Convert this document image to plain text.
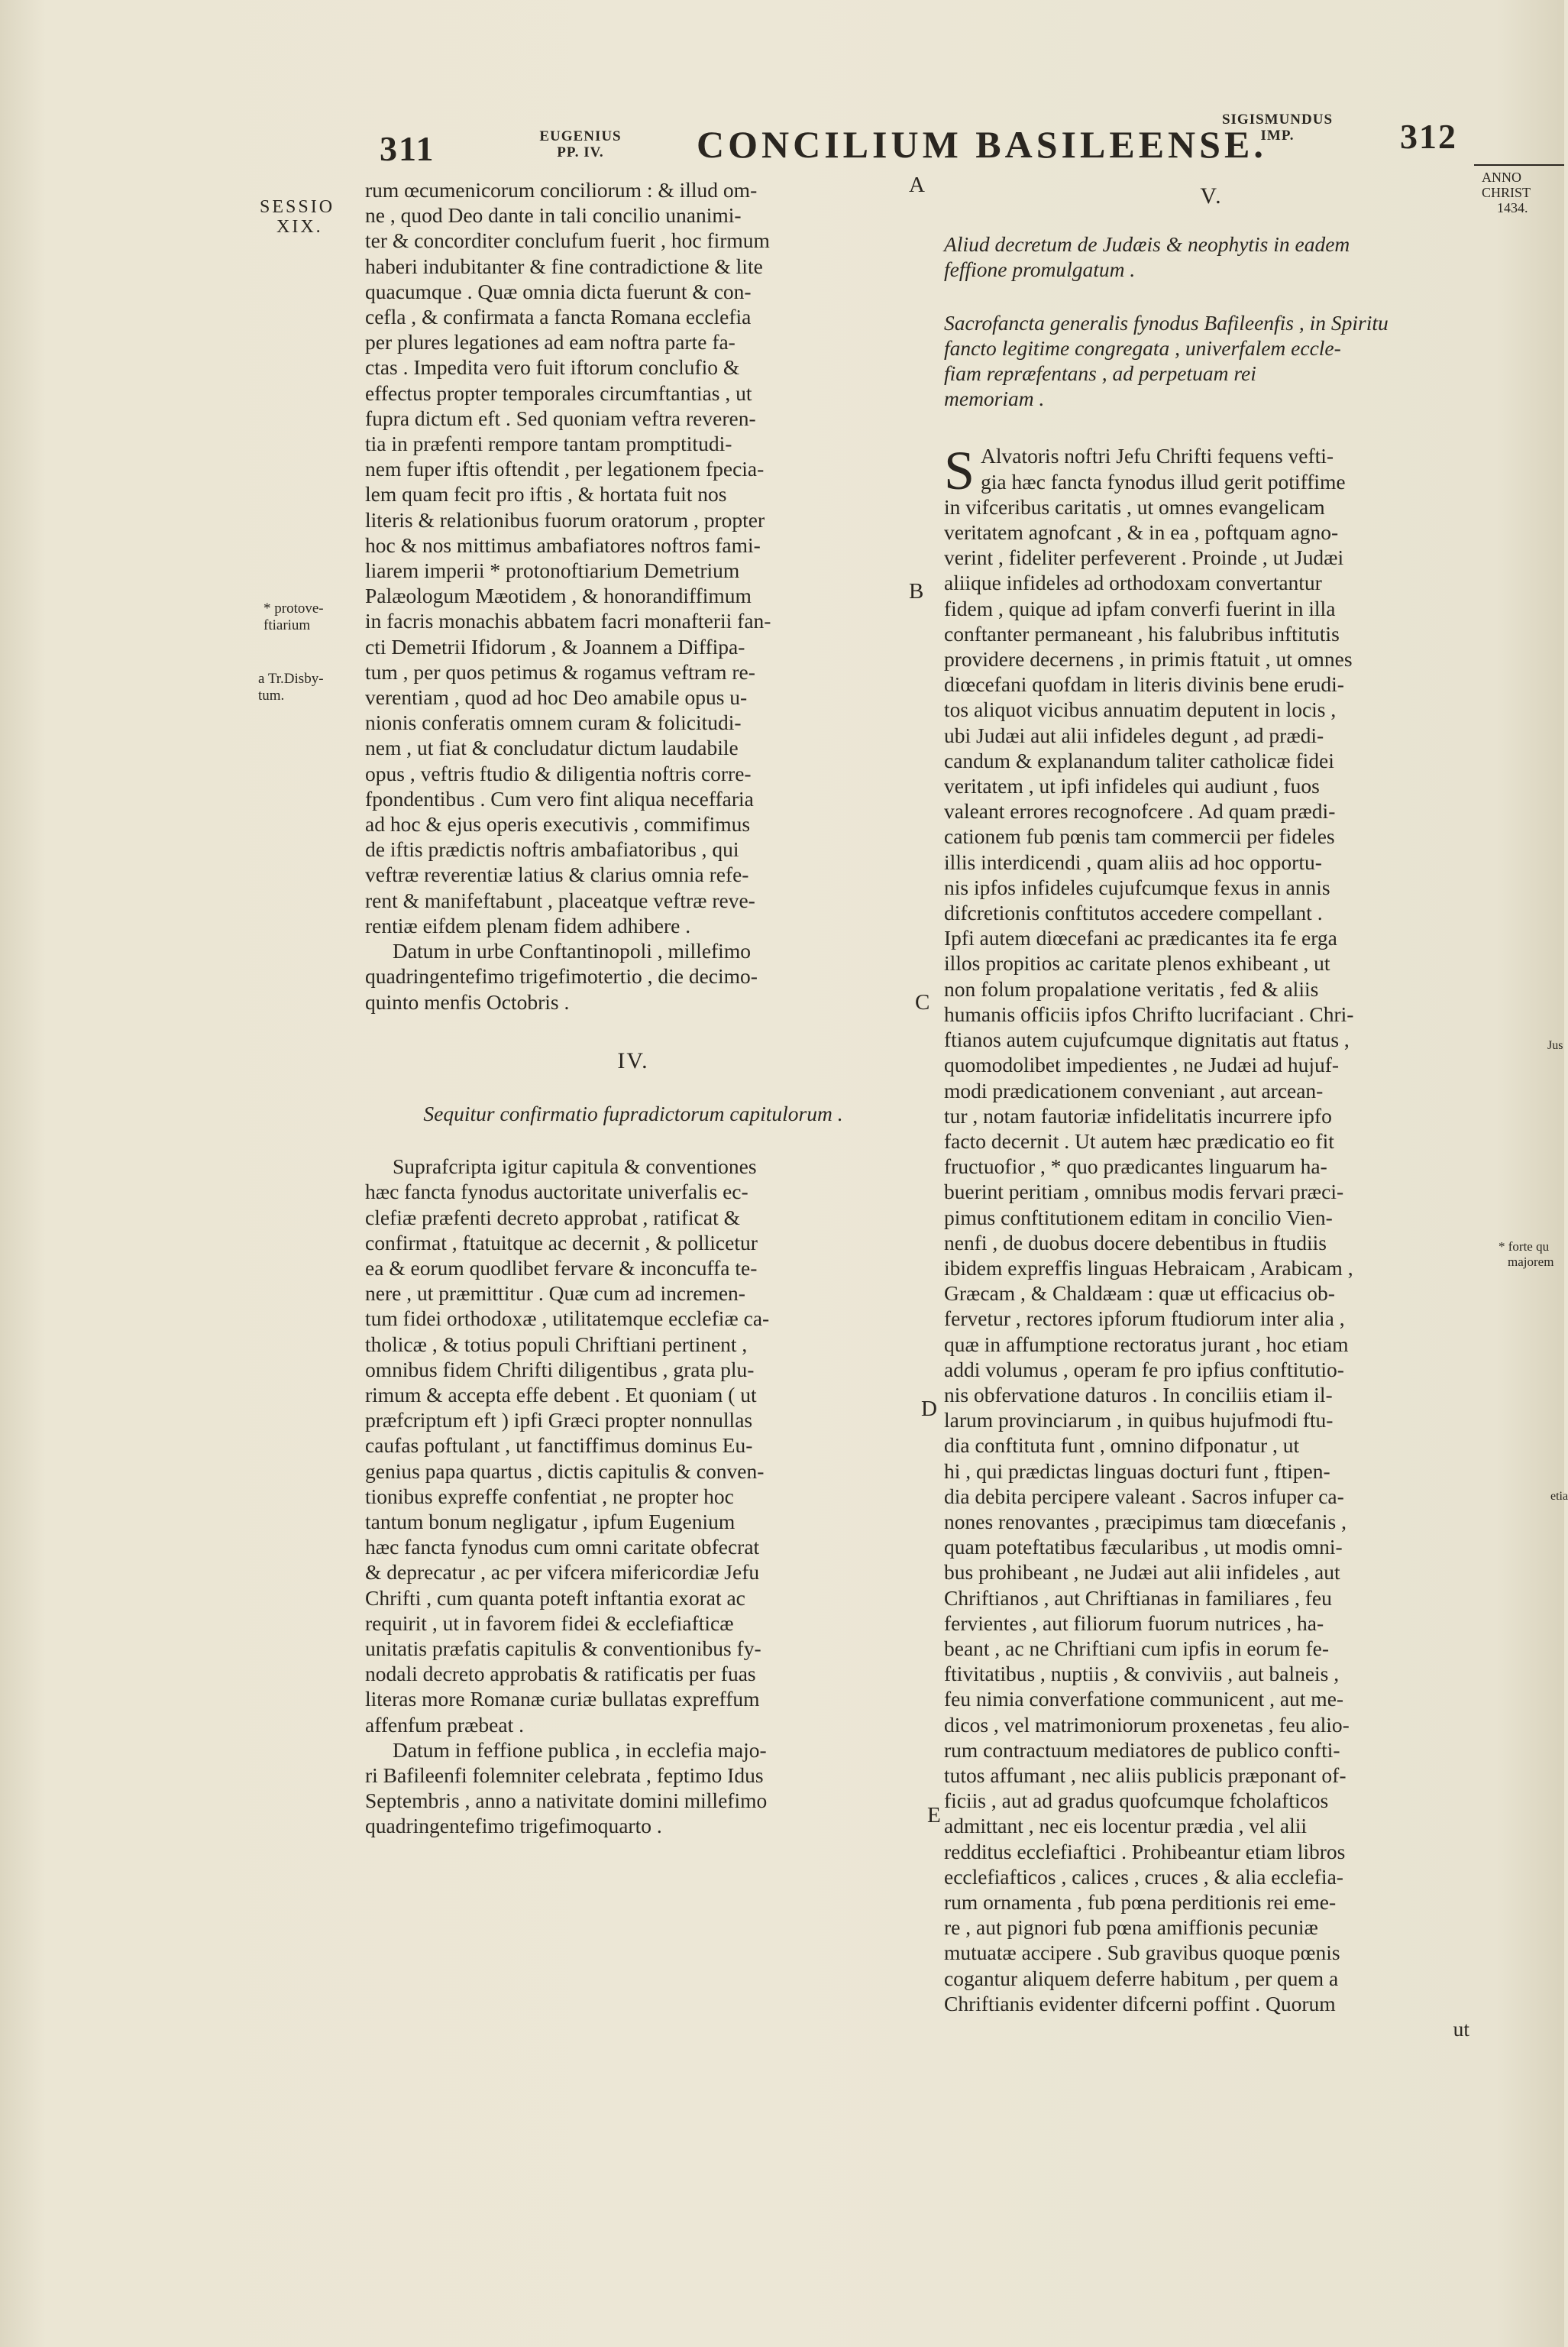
311	EUGENIUS
PP. IV.	CONCILIUM BASILEENSE.
SIGISMUNDUS
IMP.	312
SESSIO
XIX.
* protove-
ftiarium
a Tr.Disby-
tum.
ANNO
CHRIST
1434.
* forte qu
majorem
Jus
etia
A
B
C
D
E
rum œcumenicorum conciliorum : & illud om-
ne , quod Deo dante in tali concilio unanimi-
ter & concorditer conclufum fuerit , hoc firmum
haberi indubitanter & fine contradictione & lite
quacumque . Quæ omnia dicta fuerunt & con-
cefla , & confirmata a fancta Romana ecclefia
per plures legationes ad eam noftra parte fa-
ctas . Impedita vero fuit iftorum conclufio &
effectus propter temporales circumftantias , ut
fupra dictum eft . Sed quoniam veftra reveren-
tia in præfenti rempore tantam promptitudi-
nem fuper iftis oftendit , per legationem fpecia-
lem quam fecit pro iftis , & hortata fuit nos
literis & relationibus fuorum oratorum , propter
hoc & nos mittimus ambafiatores noftros fami-
liarem imperii * protonoftiarium Demetrium
Palæologum Mæotidem , & honorandiffimum
in facris monachis abbatem facri monafterii fan-
cti Demetrii Ifidorum , & Joannem a Diffipa-
tum , per quos petimus & rogamus veftram re-
verentiam , quod ad hoc Deo amabile opus u-
nionis conferatis omnem curam & folicitudi-
nem , ut fiat & concludatur dictum laudabile
opus , veftris ftudio & diligentia noftris corre-
fpondentibus . Cum vero fint aliqua neceffaria
ad hoc & ejus operis executivis , commifimus
de iftis prædictis noftris ambafiatoribus , qui
veftræ reverentiæ latius & clarius omnia refe-
rent & manifeftabunt , placeatque veftræ reve-
rentiæ eifdem plenam fidem adhibere .
Datum in urbe Conftantinopoli , millefimo
quadringentefimo trigefimotertio , die decimo-
quinto menfis Octobris .
IV.
Sequitur confirmatio fupradictorum capitulorum .
Suprafcripta igitur capitula & conventiones
hæc fancta fynodus auctoritate univerfalis ec-
clefiæ præfenti decreto approbat , ratificat &
confirmat , ftatuitque ac decernit , & pollicetur
ea & eorum quodlibet fervare & inconcuffa te-
nere , ut præmittitur . Quæ cum ad incremen-
tum fidei orthodoxæ , utilitatemque ecclefiæ ca-
tholicæ , & totius populi Chriftiani pertinent ,
omnibus fidem Chrifti diligentibus , grata plu-
rimum & accepta effe debent . Et quoniam ( ut
præfcriptum eft ) ipfi Græci propter nonnullas
caufas poftulant , ut fanctiffimus dominus Eu-
genius papa quartus , dictis capitulis & conven-
tionibus expreffe confentiat , ne propter hoc
tantum bonum negligatur , ipfum Eugenium
hæc fancta fynodus cum omni caritate obfecrat
& deprecatur , ac per vifcera mifericordiæ Jefu
Chrifti , cum quanta poteft inftantia exorat ac
requirit , ut in favorem fidei & ecclefiafticæ
unitatis præfatis capitulis & conventionibus fy-
nodali decreto approbatis & ratificatis per fuas
literas more Romanæ curiæ bullatas expreffum
affenfum præbeat .
Datum in feffione publica , in ecclefia majo-
ri Bafileenfi folemniter celebrata , feptimo Idus
Septembris , anno a nativitate domini millefimo
quadringentefimo trigefimoquarto .
V.
Aliud decretum de Judæis & neophytis in eadem
feffione promulgatum .
Sacrofancta generalis fynodus Bafileenfis , in Spiritu
fancto legitime congregata , univerfalem eccle-
fiam repræfentans , ad perpetuam rei
memoriam .
S Alvatoris noftri Jefu Chrifti fequens vefti-
gia hæc fancta fynodus illud gerit potiffime
in vifceribus caritatis , ut omnes evangelicam
veritatem agnofcant , & in ea , poftquam agno-
verint , fideliter perfeverent . Proinde , ut Judæi
aliique infideles ad orthodoxam convertantur
fidem , quique ad ipfam converfi fuerint in illa
conftanter permaneant , his falubribus inftitutis
providere decernens , in primis ftatuit , ut omnes
diœcefani quofdam in literis divinis bene erudi-
tos aliquot vicibus annuatim deputent in locis ,
ubi Judæi aut alii infideles degunt , ad prædi-
candum & explanandum taliter catholicæ fidei
veritatem , ut ipfi infideles qui audiunt , fuos
valeant errores recognofcere . Ad quam prædi-
cationem fub pœnis tam commercii per fideles
illis interdicendi , quam aliis ad hoc opportu-
nis ipfos infideles cujufcumque fexus in annis
difcretionis conftitutos accedere compellant .
Ipfi autem diœcefani ac prædicantes ita fe erga
illos propitios ac caritate plenos exhibeant , ut
non folum propalatione veritatis , fed & aliis
humanis officiis ipfos Chrifto lucrifaciant . Chri-
ftianos autem cujufcumque dignitatis aut ftatus ,
quomodolibet impedientes , ne Judæi ad hujuf-
modi prædicationem conveniant , aut arcean-
tur , notam fautoriæ infidelitatis incurrere ipfo
facto decernit . Ut autem hæc prædicatio eo fit
fructuofior , * quo prædicantes linguarum ha-
buerint peritiam , omnibus modis fervari præci-
pimus conftitutionem editam in concilio Vien-
nenfi , de duobus docere debentibus in ftudiis
ibidem expreffis linguas Hebraicam , Arabicam ,
Græcam , & Chaldæam : quæ ut efficacius ob-
fervetur , rectores ipforum ftudiorum inter alia ,
quæ in affumptione rectoratus jurant , hoc etiam
addi volumus , operam fe pro ipfius conftitutio-
nis obfervatione daturos . In conciliis etiam il-
larum provinciarum , in quibus hujufmodi ftu-
dia conftituta funt , omnino difponatur , ut
hi , qui prædictas linguas docturi funt , ftipen-
dia debita percipere valeant . Sacros infuper ca-
nones renovantes , præcipimus tam diœcefanis ,
quam poteftatibus fæcularibus , ut modis omni-
bus prohibeant , ne Judæi aut alii infideles , aut
Chriftianos , aut Chriftianas in familiares , feu
fervientes , aut filiorum fuorum nutrices , ha-
beant , ac ne Chriftiani cum ipfis in eorum fe-
ftivitatibus , nuptiis , & conviviis , aut balneis ,
feu nimia converfatione communicent , aut me-
dicos , vel matrimoniorum proxenetas , feu alio-
rum contractuum mediatores de publico confti-
tutos affumant , nec aliis publicis præponant of-
ficiis , aut ad gradus quofcumque fcholafticos
admittant , nec eis locentur prædia , vel alii
redditus ecclefiaftici . Prohibeantur etiam libros
ecclefiafticos , calices , cruces , & alia ecclefia-
rum ornamenta , fub pœna perditionis rei eme-
re , aut pignori fub pœna amiffionis pecuniæ
mutuatæ accipere . Sub gravibus quoque pœnis
cogantur aliquem deferre habitum , per quem a
Chriftianis evidenter difcerni poffint . Quorum
ut
